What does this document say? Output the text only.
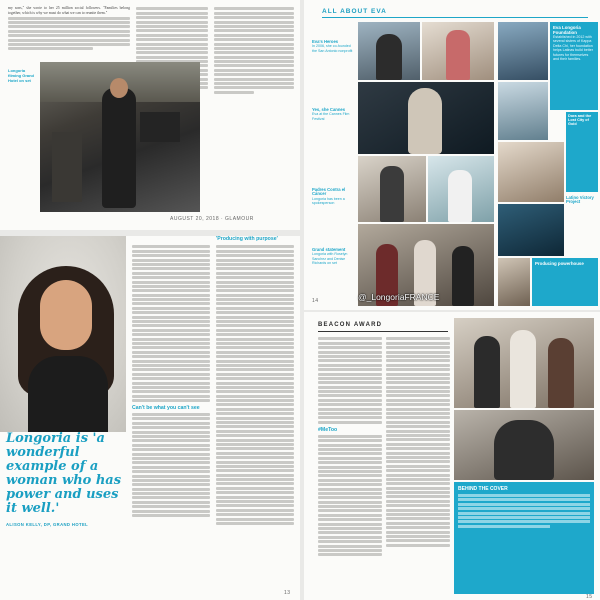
my sons," she wrote to her 25 million social followers. "Families belong together, which is why we must do what we can to reunite them."
Longoria filming Grand Hotel on set
AUGUST 20, 2018 · GLAMOUR
Longoria is 'a wonderful example of a woman who has power and uses it well.'
ALISON KELLY, DP, GRAND HOTEL
Can't be what you can't see
'Producing with purpose'
13
ALL ABOUT EVA
Eva's Heroes
In 2006, she co-founded the San Antonio nonprofit
Yes, she Cannes
Eva at the Cannes Film Festival
Padres Contra el Cáncer
Longoria has been a spokesperson
Grand statement
Longoria with Roselyn Sanchez and Denise Richards on set
Eva Longoria Foundation
Established in 2012 with several sisters of Kappa Delta Chi, her foundation helps Latinas build better futures for themselves and their families.
Dora and the Lost City of Gold
Latino Victory Project
Producing powerhouse
@_LongoriaFRANCE
14
BEACON AWARD
#MeToo
BEHIND THE COVER
15
